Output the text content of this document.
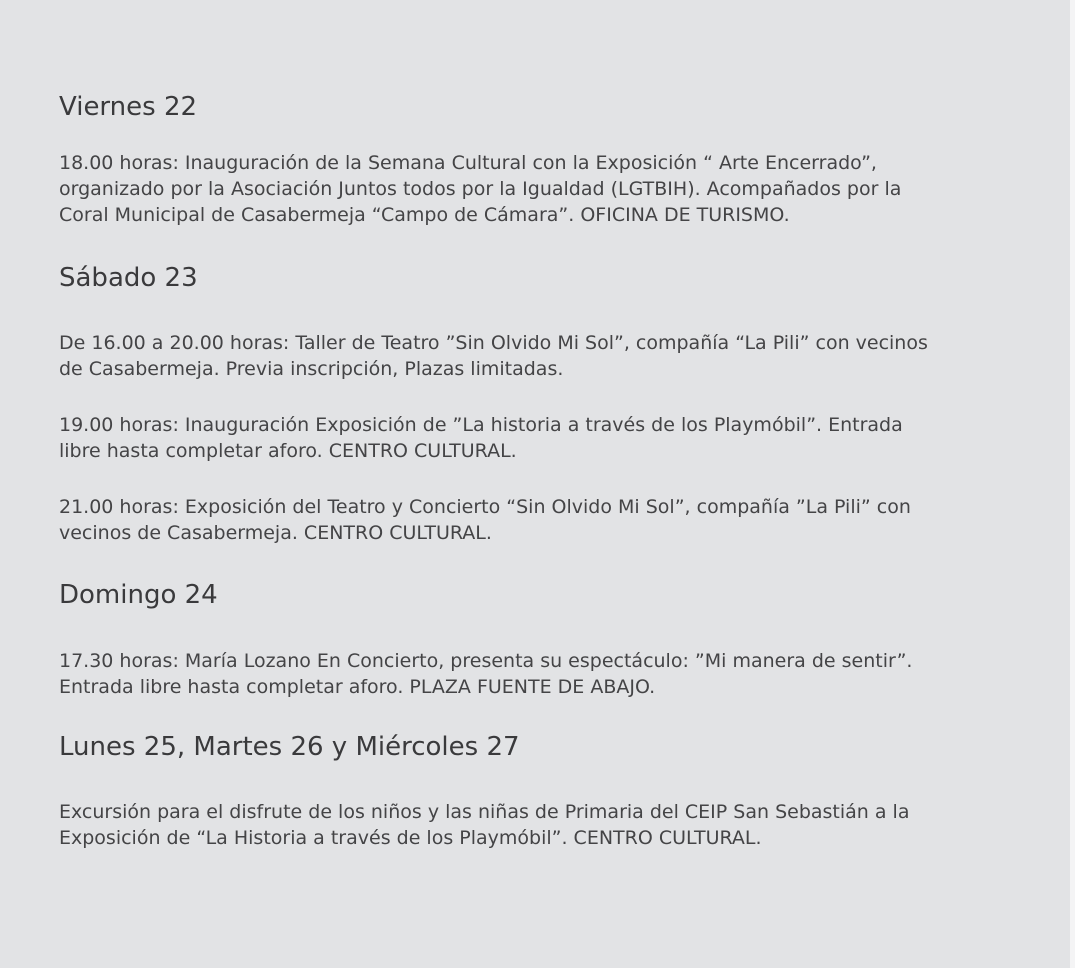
Viernes 22

18.00 horas: Inauguración de la Semana Cultural con la Exposición “ Arte Encerrado”,
organizado por la Asociación Juntos todos por la Igualdad (LGTBIH). Acompañados por la
Coral Municipal de Casabermeja “Campo de Cámara”. OFICINA DE TURISMO.

Sábado 23

De 16.00 a 20.00 horas: Taller de Teatro ”Sin Olvido Mi Sol”, compañía “La Pili” con vecinos
de Casabermeja. Previa inscripción, Plazas limitadas.

19.00 horas: Inauguración Exposición de ”La historia a través de los Playmóbil”. Entrada
libre hasta completar aforo. CENTRO CULTURAL.

21.00 horas: Exposición del Teatro y Concierto “Sin Olvido Mi Sol”, compañía ”La Pili” con
vecinos de Casabermeja. CENTRO CULTURAL.

Domingo 24

17.30 horas: María Lozano En Concierto, presenta su espectáculo: ”Mi manera de sentir”.
Entrada libre hasta completar aforo. PLAZA FUENTE DE ABAJO.

Lunes 25, Martes 26 y Miércoles 27

Excursión para el disfrute de los niños y las niñas de Primaria del CEIP San Sebastián a la
Exposición de “La Historia a través de los Playmóbil”. CENTRO CULTURAL.
